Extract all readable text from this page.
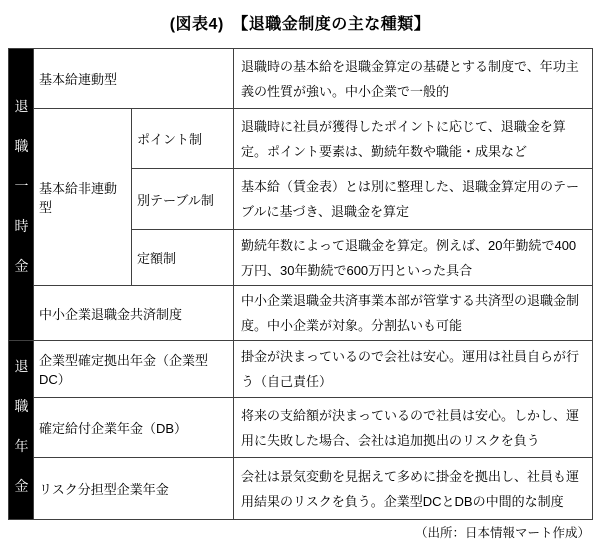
(図表4)　【退職金制度の主な種類】
退職一時金	基本給連動型		退職時の基本給を退職金算定の基礎とする制度で、年功主義の性質が強い。中小企業で一般的
	基本給非連動型	ポイント制	退職時に社員が獲得したポイントに応じて、退職金を算定。ポイント要素は、勤続年数や職能・成果など
		別テーブル制	基本給（賃金表）とは別に整理した、退職金算定用のテーブルに基づき、退職金を算定
		定額制	勤続年数によって退職金を算定。例えば、20年勤続で400万円、30年勤続で600万円といった具合
	中小企業退職金共済制度		中小企業退職金共済事業本部が管掌する共済型の退職金制度。中小企業が対象。分割払いも可能
退職年金	企業型確定拠出年金（企業型DC）		掛金が決まっているので会社は安心。運用は社員自らが行う（自己責任）
	確定給付企業年金（DB）		将来の支給額が決まっているので社員は安心。しかし、運用に失敗した場合、会社は追加拠出のリスクを負う
	リスク分担型企業年金		会社は景気変動を見据えて多めに掛金を拠出し、社員も運用結果のリスクを負う。企業型DCとDBの中間的な制度
（出所：日本情報マート作成）
